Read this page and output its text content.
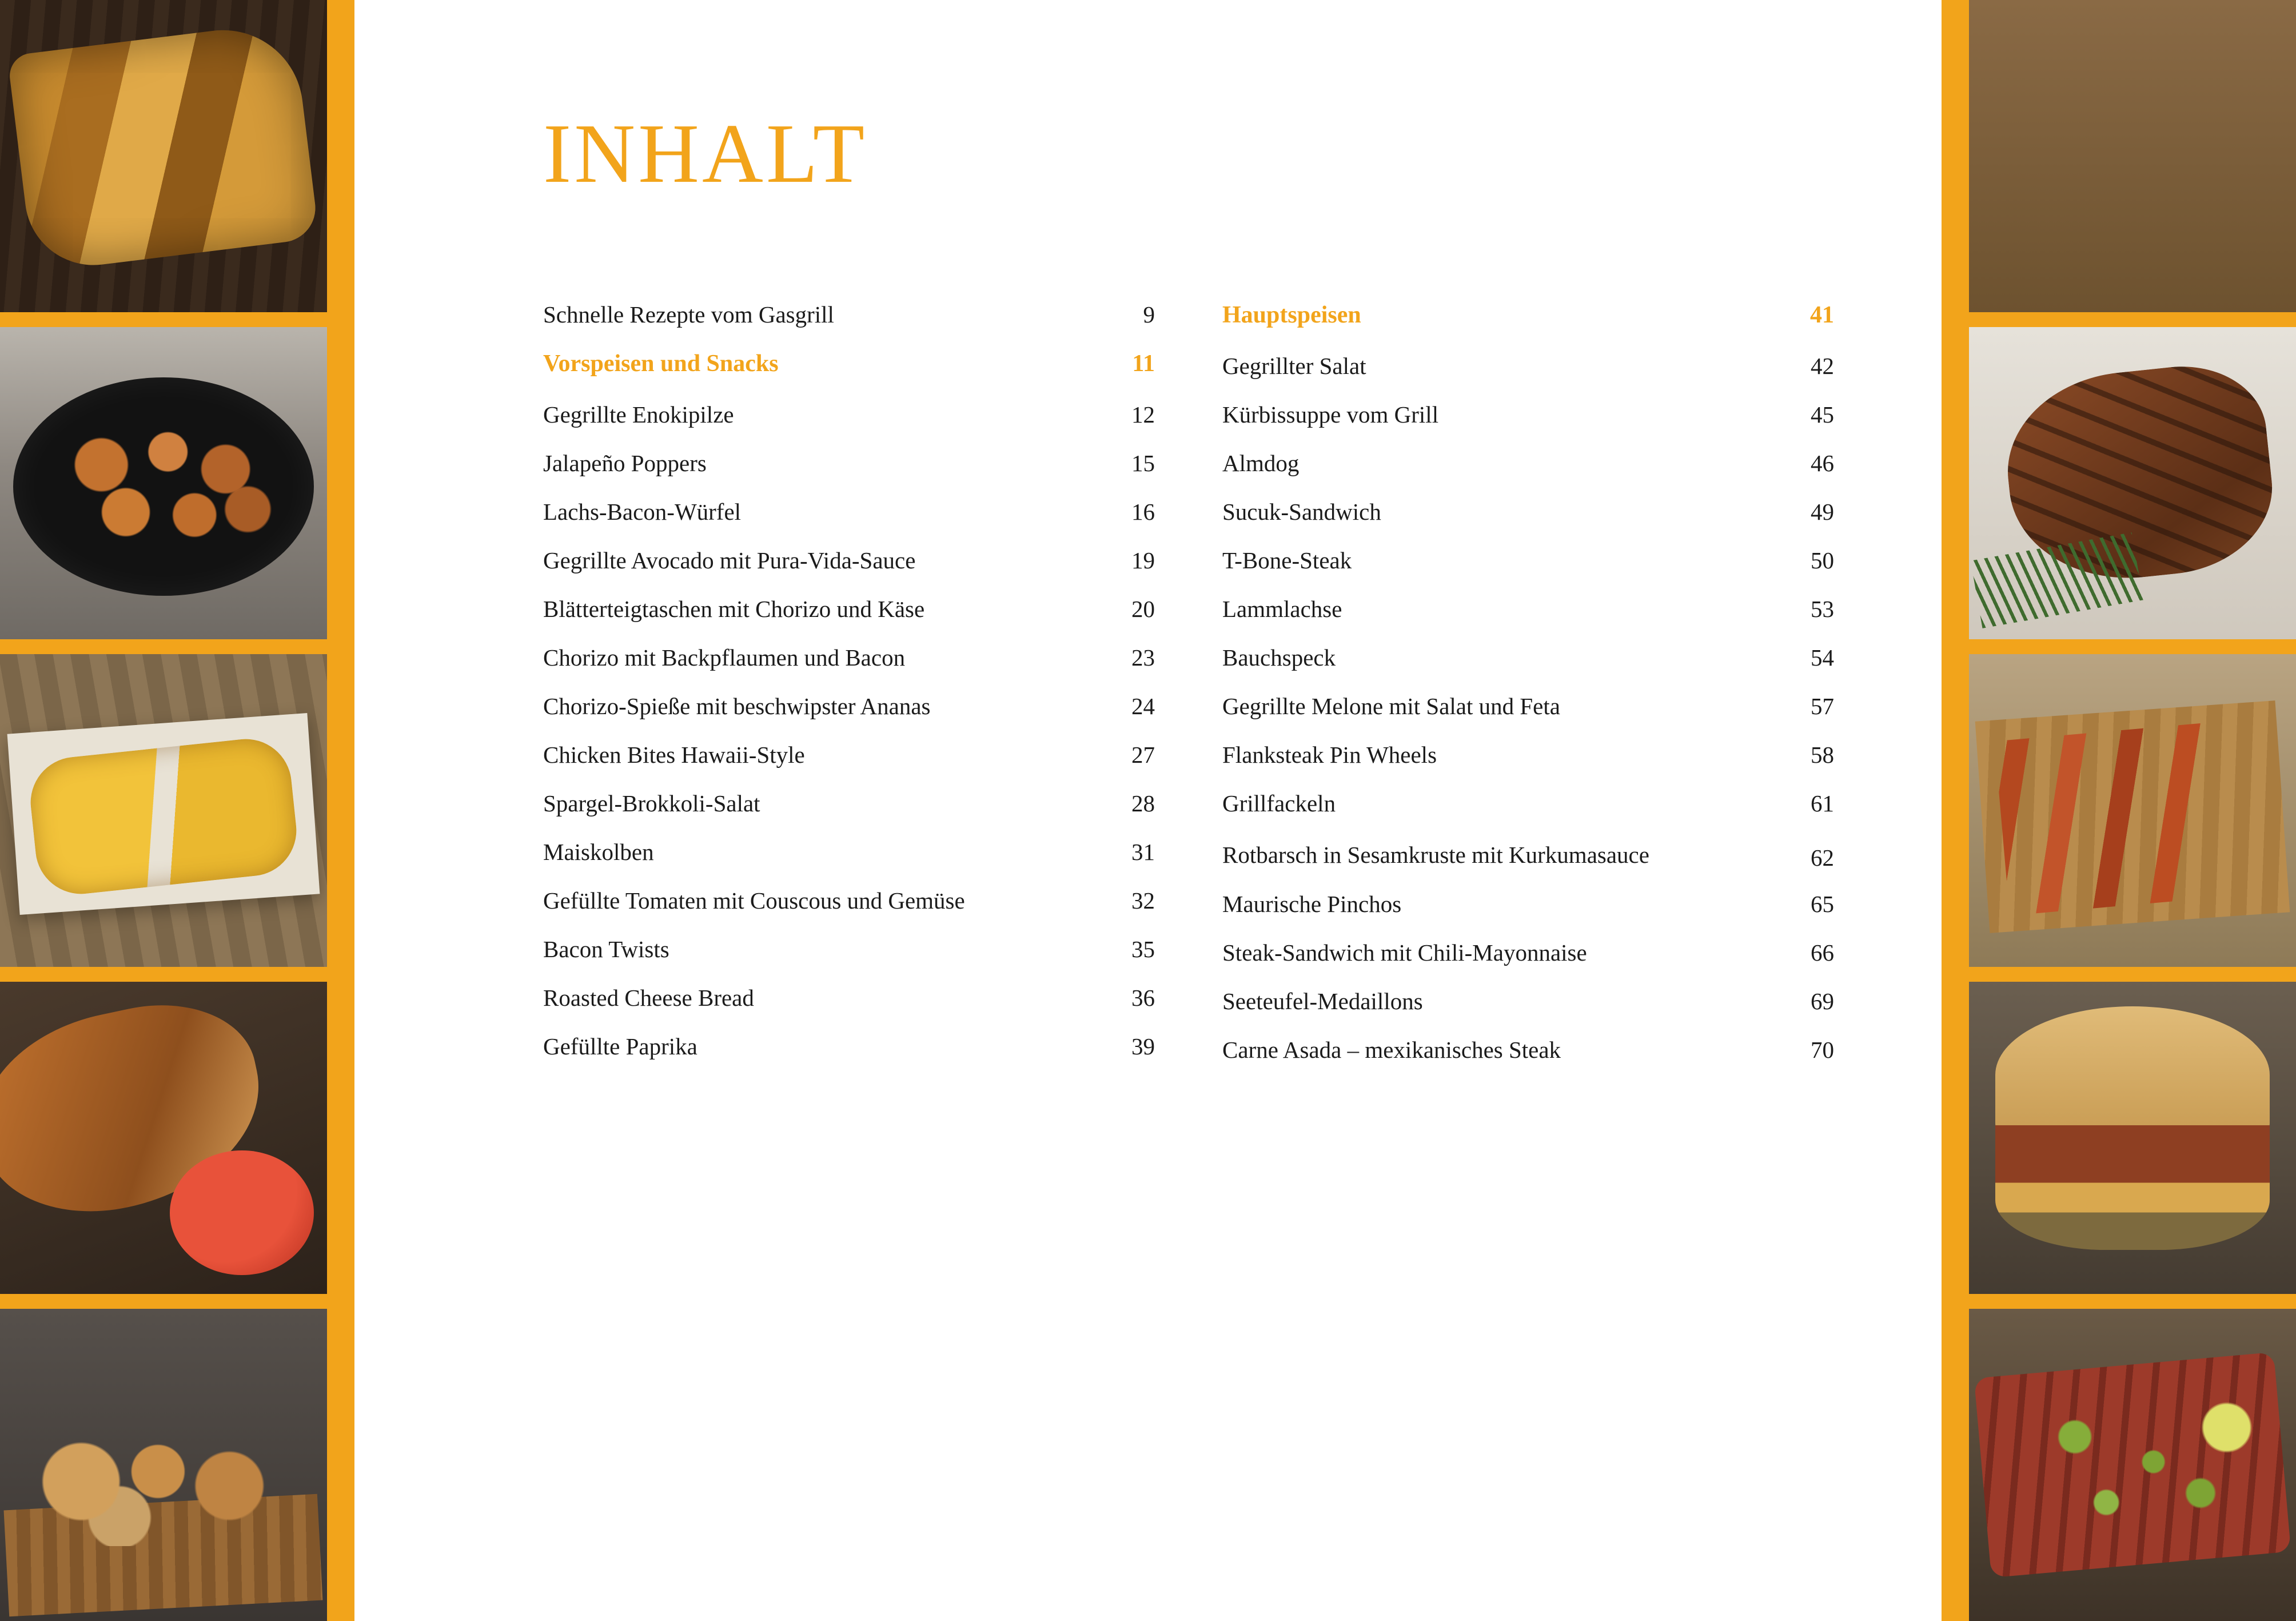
INHALT
Schnelle Rezepte vom Gasgrill	9
Vorspeisen und Snacks	11
Gegrillte Enokipilze	12
Jalapeño Poppers	15
Lachs-Bacon-Würfel	16
Gegrillte Avocado mit Pura-Vida-Sauce	19
Blätterteigtaschen mit Chorizo und Käse	20
Chorizo mit Backpflaumen und Bacon	23
Chorizo-Spieße mit beschwipster Ananas	24
Chicken Bites Hawaii-Style	27
Spargel-Brokkoli-Salat	28
Maiskolben	31
Gefüllte Tomaten mit Couscous und Gemüse	32
Bacon Twists	35
Roasted Cheese Bread	36
Gefüllte Paprika	39
Hauptspeisen	41
Gegrillter Salat	42
Kürbissuppe vom Grill	45
Almdog	46
Sucuk-Sandwich	49
T-Bone-Steak	50
Lammlachse	53
Bauchspeck	54
Gegrillte Melone mit Salat und Feta	57
Flanksteak Pin Wheels	58
Grillfackeln	61
Rotbarsch in Sesamkruste mit Kurkumasauce	62
Maurische Pinchos	65
Steak-Sandwich mit Chili-Mayonnaise	66
Seeteufel-Medaillons	69
Carne Asada – mexikanisches Steak	70
